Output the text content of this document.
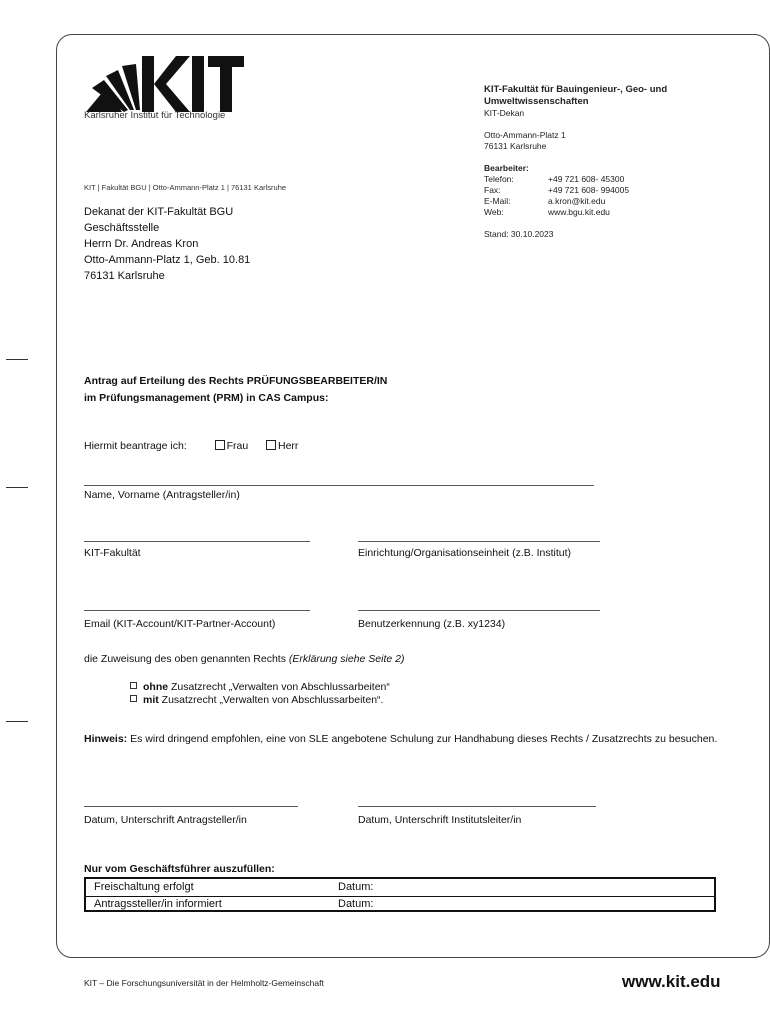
Karlsruher Institut für Technologie
KIT-Fakultät für Bauingenieur-, Geo- und Umweltwissenschaften
KIT-Dekan
Otto-Ammann-Platz 1
76131 Karlsruhe
Bearbeiter:
Telefon:	+49 721 608- 45300
Fax:	+49 721 608- 994005
E-Mail:	a.kron@kit.edu
Web:	www.bgu.kit.edu
Stand: 30.10.2023
KIT | Fakultät BGU | Otto-Ammann-Platz 1 | 76131 Karlsruhe
Dekanat der KIT-Fakultät BGU
Geschäftsstelle
Herrn Dr. Andreas Kron
Otto-Ammann-Platz 1, Geb. 10.81
76131 Karlsruhe
Antrag auf Erteilung des Rechts PRÜFUNGSBEARBEITER/IN
im Prüfungsmanagement (PRM) in CAS Campus:
Hiermit beantrage ich:	Frau	Herr
Name, Vorname (Antragsteller/in)
KIT-Fakultät	Einrichtung/Organisationseinheit (z.B. Institut)
Email (KIT-Account/KIT-Partner-Account)	Benutzerkennung (z.B. xy1234)
die Zuweisung des oben genannten Rechts (Erklärung siehe Seite 2)
ohne Zusatzrecht „Verwalten von Abschlussarbeiten“
mit Zusatzrecht „Verwalten von Abschlussarbeiten“.
Hinweis: Es wird dringend empfohlen, eine von SLE angebotene Schulung zur Handhabung dieses Rechts / Zusatzrechts zu besuchen.
Datum, Unterschrift Antragsteller/in	Datum, Unterschrift Institutsleiter/in
Nur vom Geschäftsführer auszufüllen:
Freischaltung erfolgt	Datum:
Antragssteller/in informiert	Datum:
KIT – Die Forschungsuniversität in der Helmholtz-Gemeinschaft	www.kit.edu
